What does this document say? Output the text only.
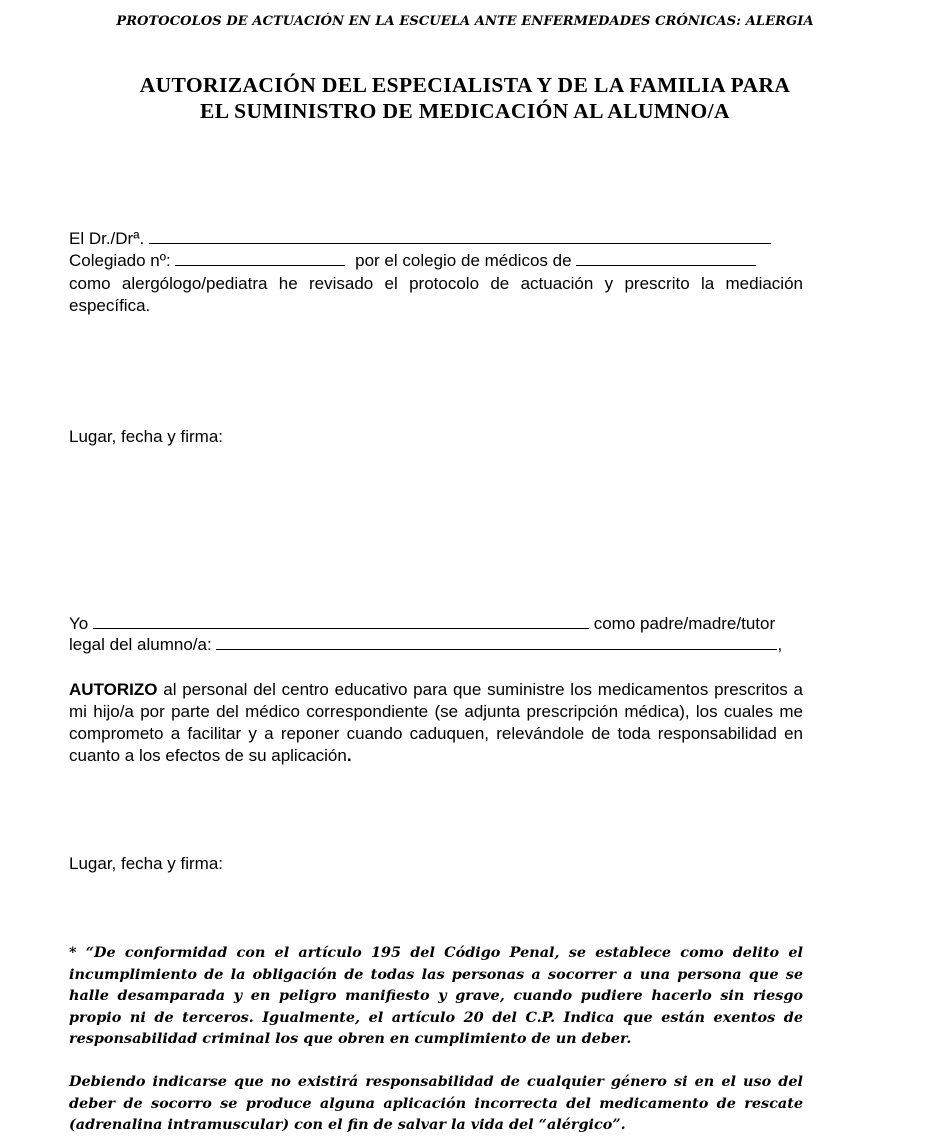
PROTOCOLOS DE ACTUACIÓN EN LA ESCUELA ANTE ENFERMEDADES CRÓNICAS: ALERGIA
AUTORIZACIÓN DEL ESPECIALISTA Y DE LA FAMILIA PARA
EL SUMINISTRO DE MEDICACIÓN AL ALUMNO/A
El Dr./Drª.
Colegiado nº:	por el colegio de médicos de
como alergólogo/pediatra he revisado el protocolo de actuación y prescrito la mediación específica.
Lugar, fecha y firma:
Yo	como padre/madre/tutor
legal del alumno/a:	,
AUTORIZO al personal del centro educativo para que suministre los medicamentos prescritos a mi hijo/a por parte del médico correspondiente (se adjunta prescripción médica), los cuales me comprometo a facilitar y a reponer cuando caduquen, relevándole de toda responsabilidad en cuanto a los efectos de su aplicación.
Lugar, fecha y firma:
* “De conformidad con el artículo 195 del Código Penal, se establece como delito el incumplimiento de la obligación de todas las personas a socorrer a una persona que se halle desamparada y en peligro manifiesto y grave, cuando pudiere hacerlo sin riesgo propio ni de terceros. Igualmente, el artículo 20 del C.P. Indica que están exentos de responsabilidad criminal los que obren en cumplimiento de un deber.
Debiendo indicarse que no existirá responsabilidad de cualquier género si en el uso del deber de socorro se produce alguna aplicación incorrecta del medicamento de rescate (adrenalina intramuscular) con el fin de salvar la vida del “alérgico”.
